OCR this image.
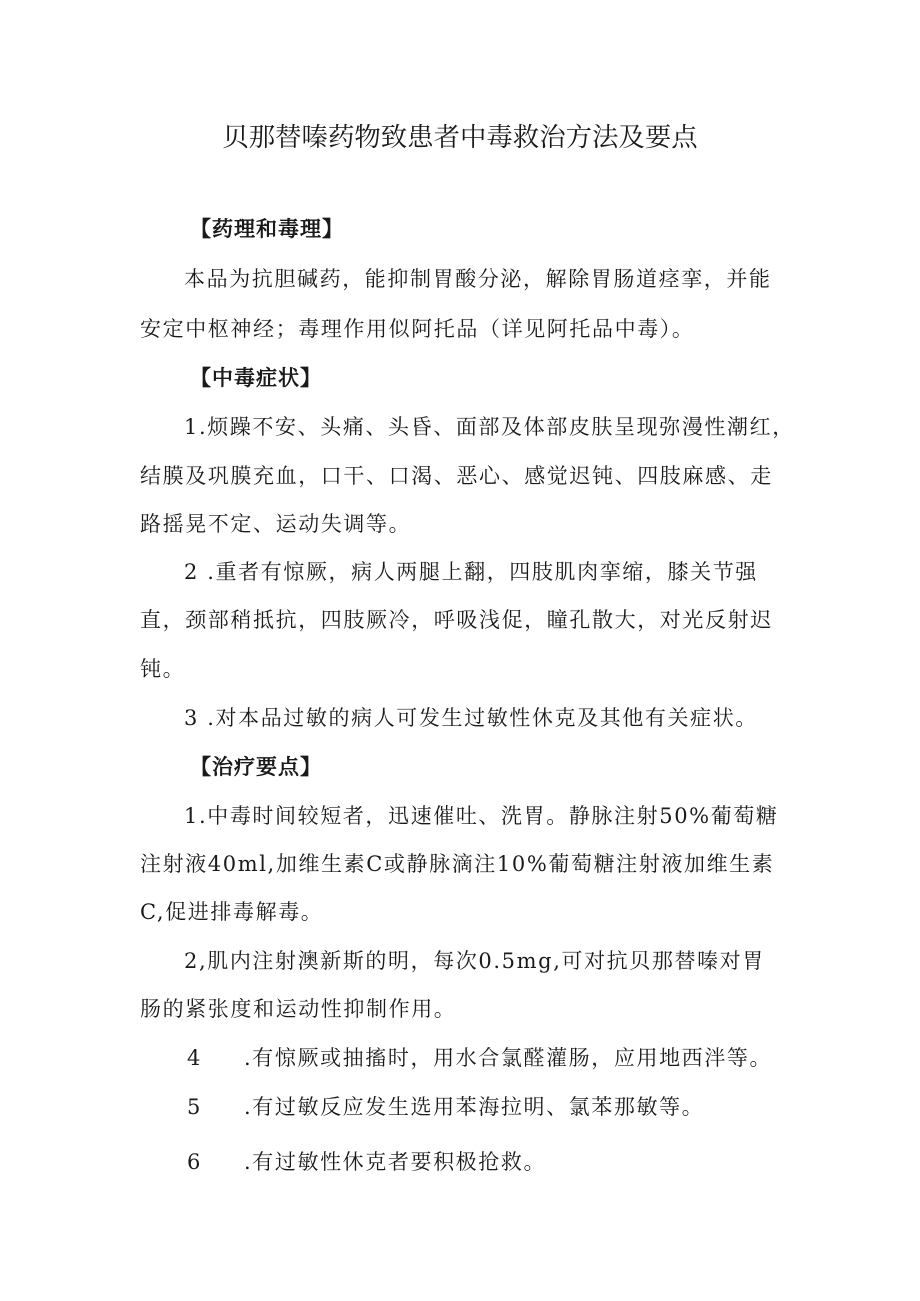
贝那替嗪药物致患者中毒救治方法及要点
【药理和毒理】
本品为抗胆碱药，能抑制胃酸分泌，解除胃肠道痉挛，并能
安定中枢神经；毒理作用似阿托品（详见阿托品中毒）。
【中毒症状】
1.烦躁不安、头痛、头昏、面部及体部皮肤呈现弥漫性潮红，
结膜及巩膜充血，口干、口渴、恶心、感觉迟钝、四肢麻感、走
路摇晃不定、运动失调等。
2 .重者有惊厥，病人两腿上翻，四肢肌肉挛缩，膝关节强
直，颈部稍抵抗，四肢厥冷，呼吸浅促，瞳孔散大，对光反射迟
钝。
3 .对本品过敏的病人可发生过敏性休克及其他有关症状。
【治疗要点】
1.中毒时间较短者，迅速催吐、洗胃。静脉注射50%葡萄糖
注射液40ml,加维生素C或静脉滴注10%葡萄糖注射液加维生素
C,促进排毒解毒。
2,肌内注射澳新斯的明，每次0.5mg,可对抗贝那替嗪对胃
肠的紧张度和运动性抑制作用。
4 .有惊厥或抽搐时，用水合氯醛灌肠，应用地西泮等。
5 .有过敏反应发生选用苯海拉明、氯苯那敏等。
6 .有过敏性休克者要积极抢救。
